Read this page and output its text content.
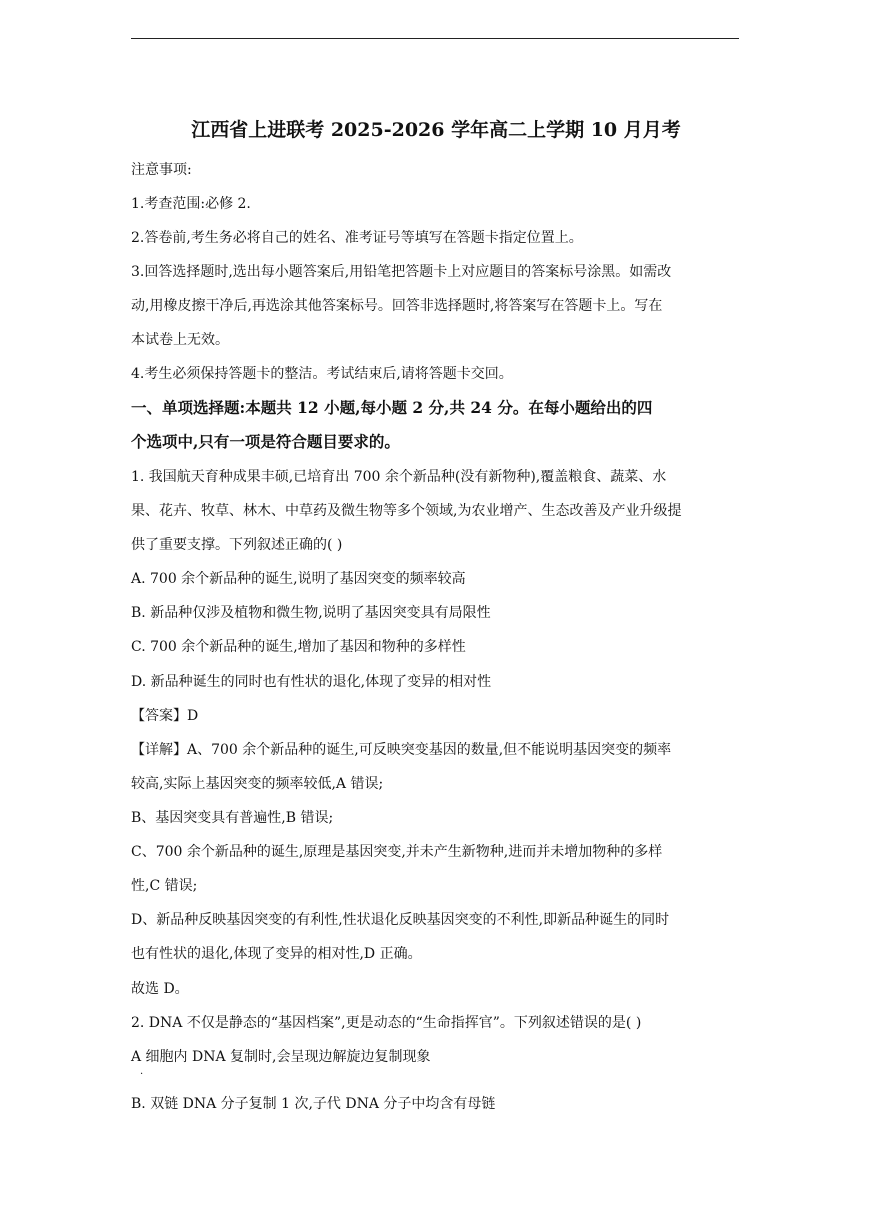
江西省上进联考 2025-2026 学年高二上学期 10 月月考
注意事项:
1.考查范围:必修 2.
2.答卷前,考生务必将自己的姓名、准考证号等填写在答题卡指定位置上。
3.回答选择题时,选出每小题答案后,用铅笔把答题卡上对应题目的答案标号涂黑。如需改
动,用橡皮擦干净后,再选涂其他答案标号。回答非选择题时,将答案写在答题卡上。写在
本试卷上无效。
4.考生必须保持答题卡的整洁。考试结束后,请将答题卡交回。
一、单项选择题:本题共 12 小题,每小题 2 分,共 24 分。在每小题给出的四
个选项中,只有一项是符合题目要求的。
1. 我国航天育种成果丰硕,已培育出 700 余个新品种(没有新物种),覆盖粮食、蔬菜、水
果、花卉、牧草、林木、中草药及微生物等多个领域,为农业增产、生态改善及产业升级提
供了重要支撑。下列叙述正确的( )
A. 700 余个新品种的诞生,说明了基因突变的频率较高
B. 新品种仅涉及植物和微生物,说明了基因突变具有局限性
C. 700 余个新品种的诞生,增加了基因和物种的多样性
D. 新品种诞生的同时也有性状的退化,体现了变异的相对性
【答案】D
【详解】A、700 余个新品种的诞生,可反映突变基因的数量,但不能说明基因突变的频率
较高,实际上基因突变的频率较低,A 错误;
B、基因突变具有普遍性,B 错误;
C、700 余个新品种的诞生,原理是基因突变,并未产生新物种,进而并未增加物种的多样
性,C 错误;
D、新品种反映基因突变的有利性,性状退化反映基因突变的不利性,即新品种诞生的同时
也有性状的退化,体现了变异的相对性,D 正确。
故选 D。
2. DNA 不仅是静态的“基因档案”,更是动态的“生命指挥官”。下列叙述错误的是( )
A 细胞内 DNA 复制时,会呈现边解旋边复制现象
.
B. 双链 DNA 分子复制 1 次,子代 DNA 分子中均含有母链
